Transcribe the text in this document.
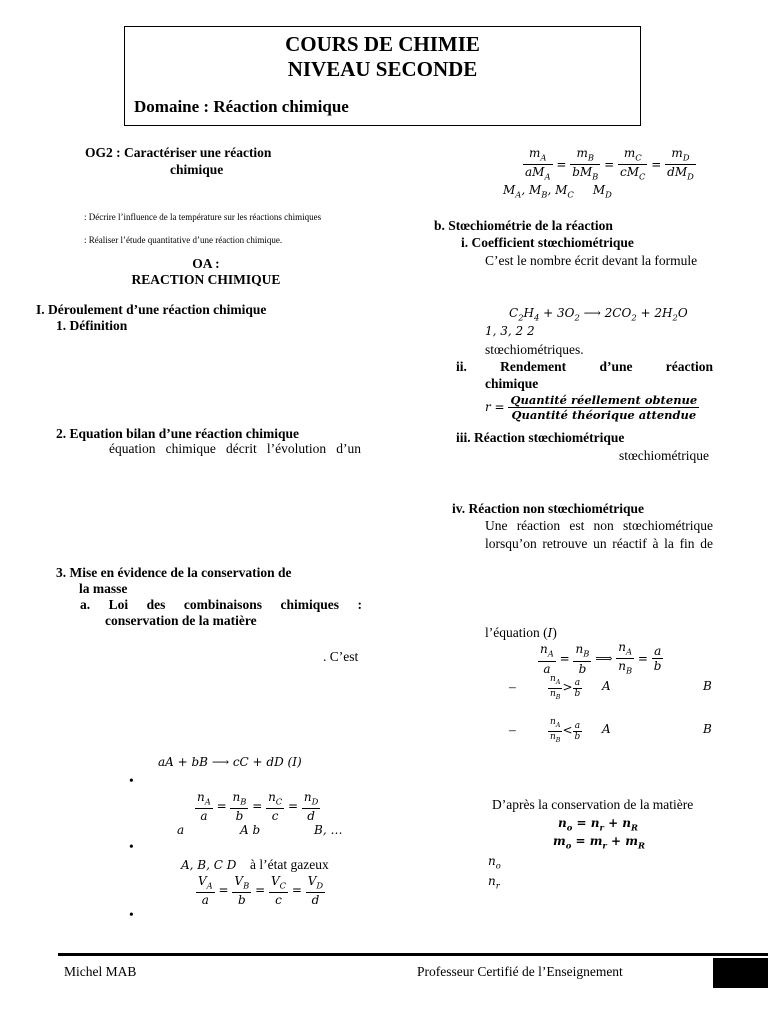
COURS DE CHIMIE
NIVEAU SECONDE
Domaine : Réaction chimique
OG2 : Caractériser une réaction
chimique
: Décrire l’influence de la température sur les réactions chimiques
: Réaliser l’étude quantitative d’une réaction chimique.
OA :
REACTION CHIMIQUE
I. Déroulement d’une réaction chimique
1. Définition
2. Equation bilan d’une réaction chimique
équation chimique décrit l’évolution d’un
3. Mise en évidence de la conservation de
la masse
a. Loi des combinaisons chimiques :
conservation de la matière
. C’est
aA + bB ⟶ cC + dD (I)
•
$\frac{n_A}{a} = \frac{n_B}{b} = \frac{n_C}{c} = \frac{n_D}{d}$
a	A b	B, …
•
A, B, C D à l’état gazeux
$\frac{V_A}{a} = \frac{V_B}{b} = \frac{V_C}{c} = \frac{V_D}{d}$
•
$\frac{m_A}{aM_A} = \frac{m_B}{bM_B} = \frac{m_C}{cM_C} = \frac{m_D}{dM_D}$
$M_A$, $M_B$, $M_C$     $M_D$
b. Stœchiométrie de la réaction
i. Coefficient stœchiométrique
C’est le nombre écrit devant la formule
$C_2H_4 + 3O_2$ ⟶ $2CO_2 + 2H_2O$
1, 3, 2 2
stœchiométriques.
ii. Rendement d’une réaction
chimique
$r = \frac{\text{Quantité réellement obtenue}}{\text{Quantité théorique attendue}}$
iii. Réaction stœchiométrique
stœchiométrique
iv. Réaction non stœchiométrique
Une réaction est non stœchiométrique
lorsqu’on retrouve un réactif à la fin de
l’équation (I)
$\frac{n_A}{a} = \frac{n_B}{b}$ ⟹ $\frac{n_A}{n_B} = \frac{a}{b}$
–	$\frac{n_A}{n_B} > \frac{a}{b}$ A	B
–	$\frac{n_A}{n_B} < \frac{a}{b}$ A	B
D’après la conservation de la matière
$n_o = n_r + n_R$
$m_o = m_r + m_R$
$n_o$
$n_r$
Michel MAB	Professeur Certifié de l’Enseignement
